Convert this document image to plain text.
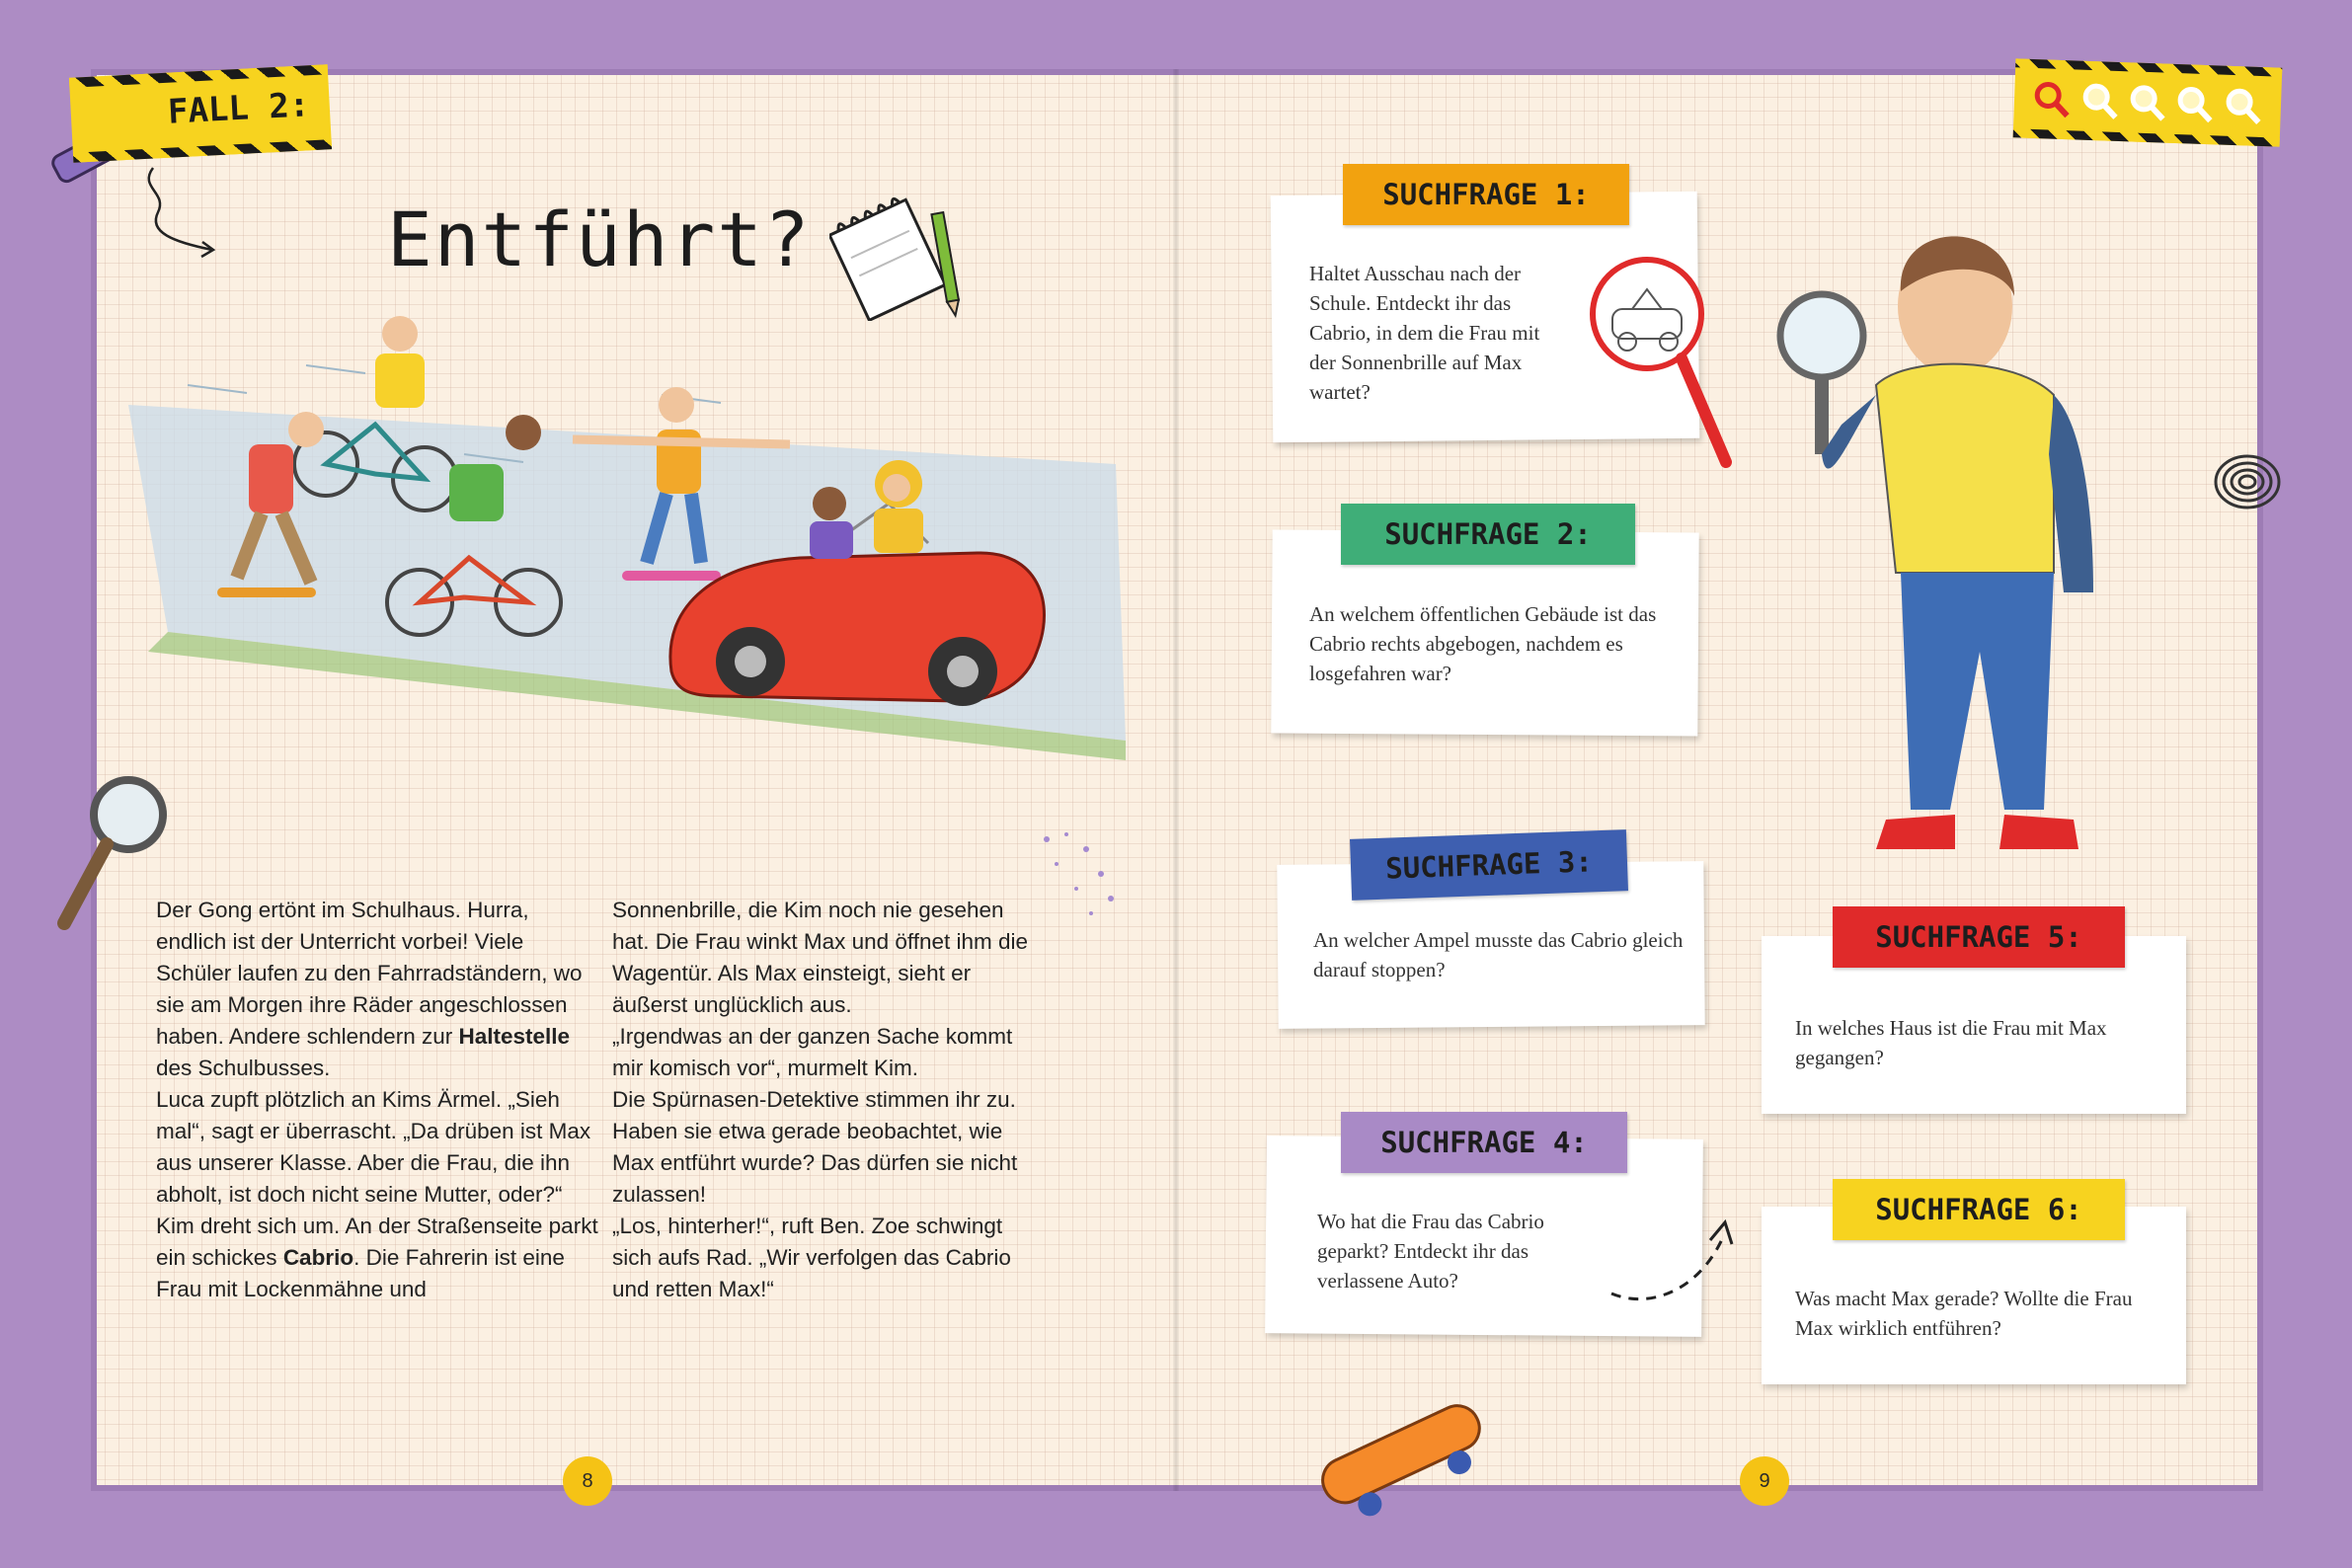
FALL 2:
Entführt?

Der Gong ertönt im Schulhaus. Hurra, endlich ist der Unterricht vorbei! Viele Schüler laufen zu den Fahrradständern, wo sie am Morgen ihre Räder angeschlossen haben. Andere schlendern zur Haltestelle des Schulbusses.

Luca zupft plötzlich an Kims Ärmel. „Sieh mal“, sagt er überrascht. „Da drüben ist Max aus unserer Klasse. Aber die Frau, die ihn abholt, ist doch nicht seine Mutter, oder?“

Kim dreht sich um. An der Straßenseite parkt ein schickes Cabrio. Die Fahrerin ist eine Frau mit Lockenmähne und

Sonnenbrille, die Kim noch nie gesehen hat. Die Frau winkt Max und öffnet ihm die Wagentür. Als Max einsteigt, sieht er äußerst unglücklich aus.

„Irgendwas an der ganzen Sache kommt mir komisch vor“, murmelt Kim.

Die Spürnasen-Detektive stimmen ihr zu. Haben sie etwa gerade beobachtet, wie Max entführt wurde? Das dürfen sie nicht zulassen!

„Los, hinterher!“, ruft Ben. Zoe schwingt sich aufs Rad. „Wir verfolgen das Cabrio und retten Max!“

8
Haltet Ausschau nach der Schule. Entdeckt ihr das Cabrio, in dem die Frau mit der Sonnenbrille auf Max wartet?
SUCHFRAGE 1:
An welchem öffentlichen Gebäude ist das Cabrio rechts abgebogen, nachdem es losgefahren war?
SUCHFRAGE 2:
An welcher Ampel musste das Cabrio gleich darauf stoppen?
SUCHFRAGE 3:
Wo hat die Frau das Cabrio geparkt? Entdeckt ihr das verlassene Auto?
SUCHFRAGE 4:
In welches Haus ist die Frau mit Max gegangen?
SUCHFRAGE 5:
Was macht Max gerade? Wollte die Frau Max wirklich entführen?
SUCHFRAGE 6:
9
